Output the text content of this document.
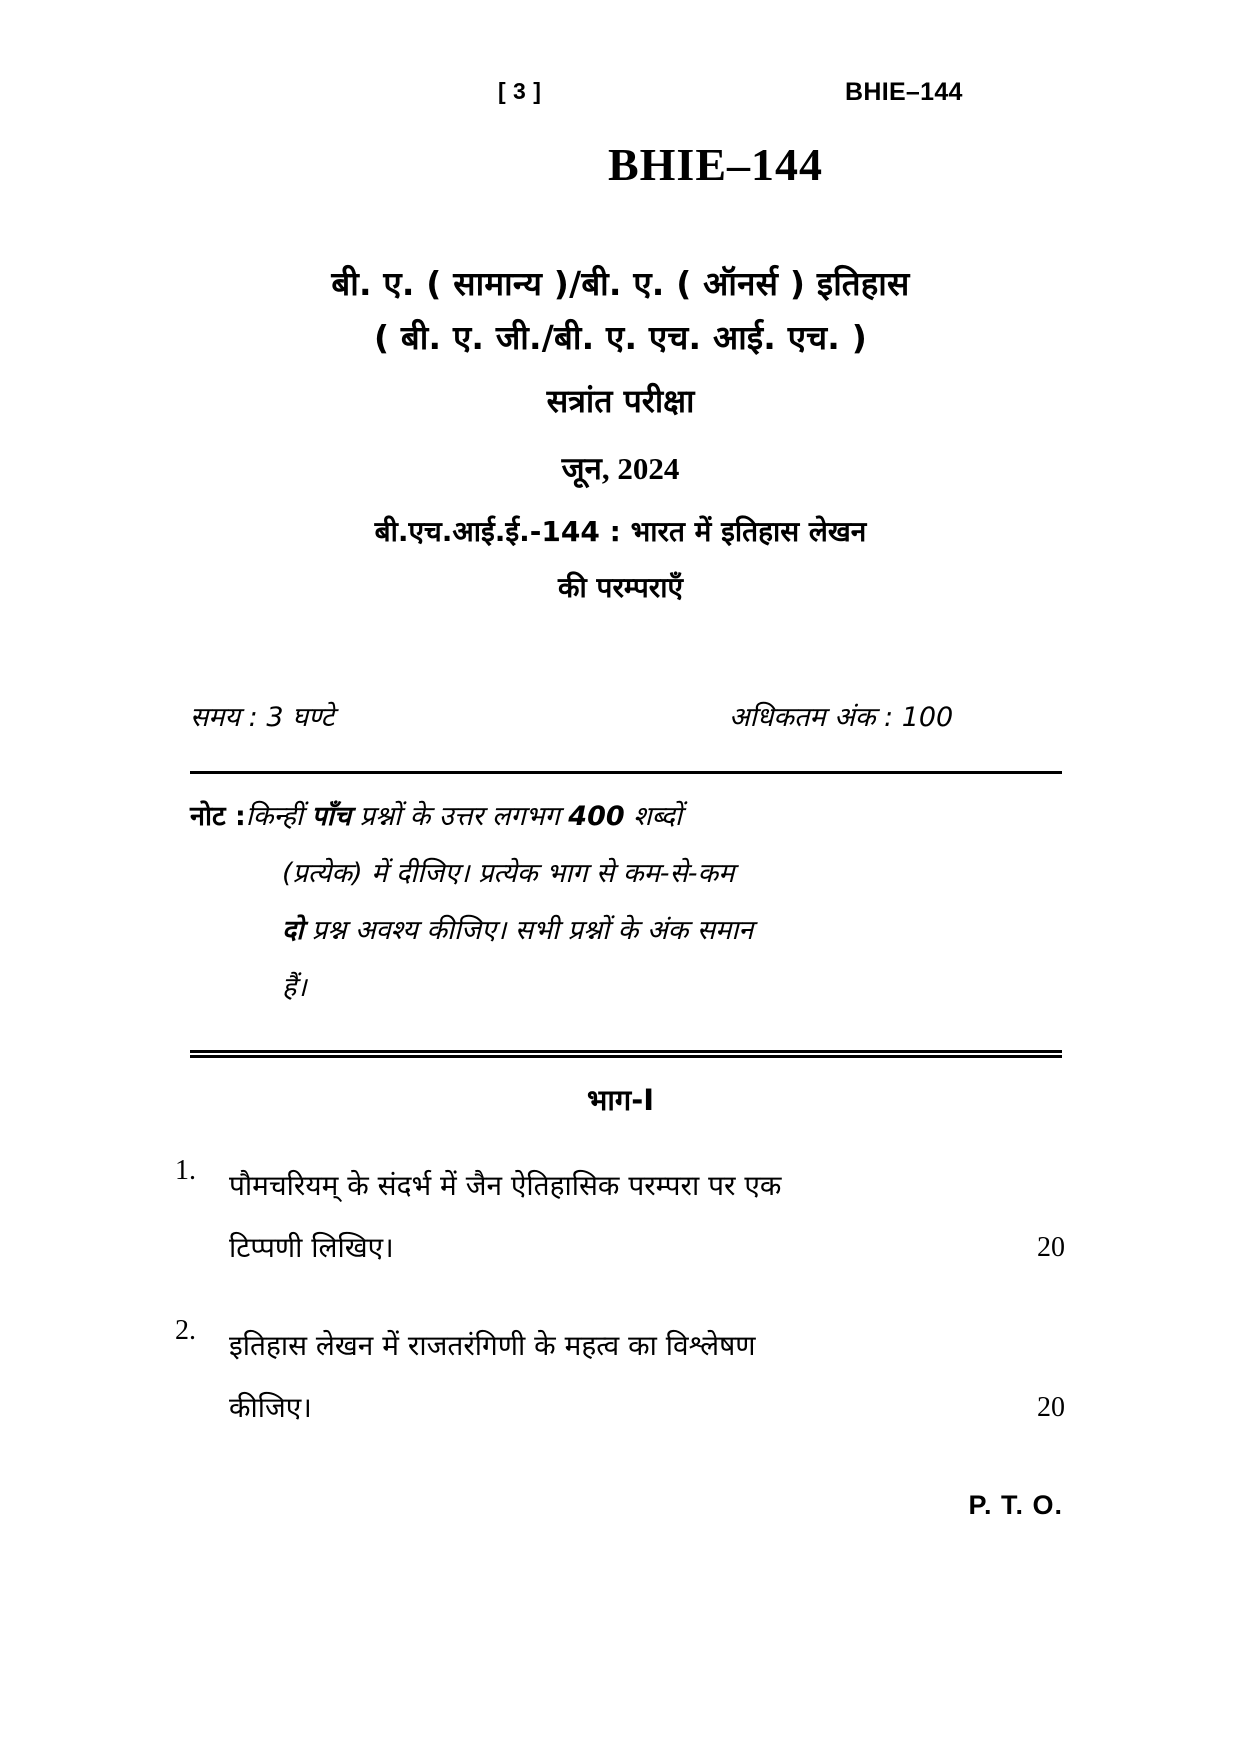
[ 3 ]	BHIE–144
BHIE–144
बी. ए. ( सामान्य )/बी. ए. ( ऑनर्स ) इतिहास
( बी. ए. जी./बी. ए. एच. आई. एच. )
सत्रांत परीक्षा
जून, 2024
बी.एच.आई.ई.-144 : भारत में इतिहास लेखन
की परम्पराएँ
समय : 3 घण्टे	अधिकतम अंक : 100
नोट :किन्हीं पाँच प्रश्नों के उत्तर लगभग 400 शब्दों
(प्रत्येक) में दीजिए। प्रत्येक भाग से कम-से-कम
दो प्रश्न अवश्य कीजिए। सभी प्रश्नों के अंक समान
हैं।
भाग-I
1.	पौमचरियम् के संदर्भ में जैन ऐतिहासिक परम्परा पर एक
टिप्पणी लिखिए।	20
2.	इतिहास लेखन में राजतरंगिणी के महत्व का विश्लेषण
कीजिए।	20
P. T. O.
